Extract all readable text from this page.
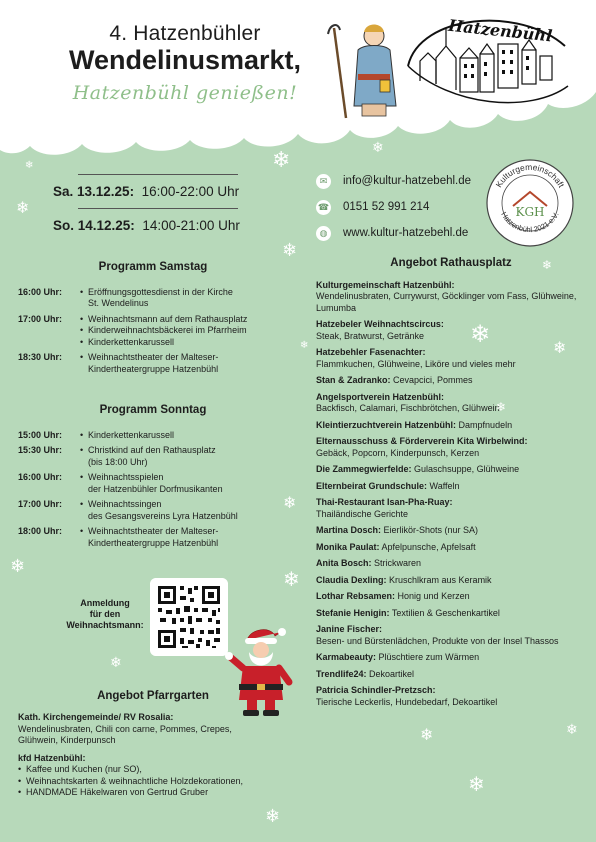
4. Hatzenbühler
Wendelinusmarkt,
Hatzenbühl genießen!
Hatzenbühl
Sa. 13.12.25: 16:00-22:00 Uhr
So. 14.12.25: 14:00-21:00 Uhr
✉	info@kultur-hatzebehl.de
☎ 0151 52 991 214
◍	www.kultur-hatzebehl.de
Kulturgemeinschaft
Hatzenbühl 2021 e.V.
KGH
Programm Samstag
16:00 Uhr:	• Eröffnungsgottesdienst in der Kirche
St. Wendelinus
17:00 Uhr:	• Weihnachtsmann auf dem Rathausplatz
• Kinderweihnachtsbäckerei im Pfarrheim
• Kinderkettenkarussell
18:30 Uhr:	• Weihnachtstheater der Malteser-
Kindertheatergruppe Hatzenbühl
Programm Sonntag
15:00 Uhr:	• Kinderkettenkarussell
15:30 Uhr:	• Christkind auf den Rathausplatz
(bis 18:00 Uhr)
16:00 Uhr:	• Weihnachtsspielen
der Hatzenbühler Dorfmusikanten
17:00 Uhr:	• Weihnachtssingen
des Gesangsvereins Lyra Hatzenbühl
18:00 Uhr:	• Weihnachtstheater der Malteser-
Kindertheatergruppe Hatzenbühl
Anmeldung
für den
Weihnachtsmann:
Angebot Pfarrgarten
Kath. Kirchengemeinde/ RV Rosalia:
Wendelinusbraten, Chili con carne, Pommes, Crepes,
Glühwein, Kinderpunsch
kfd Hatzenbühl:
• Kaffee und Kuchen (nur SO),
• Weihnachtskarten & weihnachtliche Holzdekorationen,
• HANDMADE Häkelwaren von Gertrud Gruber
Angebot Rathausplatz
Kulturgemeinschaft Hatzenbühl:
Wendelinusbraten, Currywurst, Göcklinger vom Fass, Glühweine, Lumumba
Hatzebeler Weihnachtscircus:
Steak, Bratwurst, Getränke
Hatzebehler Fasenachter:
Flammkuchen, Glühweine, Liköre und vieles mehr
Stan & Zadranko: Cevapcici, Pommes
Angelsportverein Hatzenbühl:
Backfisch, Calamari, Fischbrötchen, Glühwein
Kleintierzuchtverein Hatzenbühl: Dampfnudeln
Elternausschuss & Förderverein Kita Wirbelwind:
Gebäck, Popcorn, Kinderpunsch, Kerzen
Die Zammegwierfelde: Gulaschsuppe, Glühweine
Elternbeirat Grundschule: Waffeln
Thai-Restaurant Isan-Pha-Ruay:
Thailändische Gerichte
Martina Dosch: Eierlikör-Shots (nur SA)
Monika Paulat: Apfelpunsche, Apfelsaft
Anita Bosch: Strickwaren
Claudia Dexling: Kruschlkram aus Keramik
Lothar Rebsamen: Honig und Kerzen
Stefanie Henigin: Textilien & Geschenkartikel
Janine Fischer:
Besen- und Bürstenlädchen, Produkte von der Insel Thassos
Karmabeauty: Plüschtiere zum Wärmen
Trendlife24: Dekoartikel
Patricia Schindler-Pretzsch:
Tierische Leckerlis, Hundebedarf, Dekoartikel
❄
❄
❄
❄
❄	❄
❄
❄
❄
❄
❄
❄
❄
❄
❄
❄
❄
❄
